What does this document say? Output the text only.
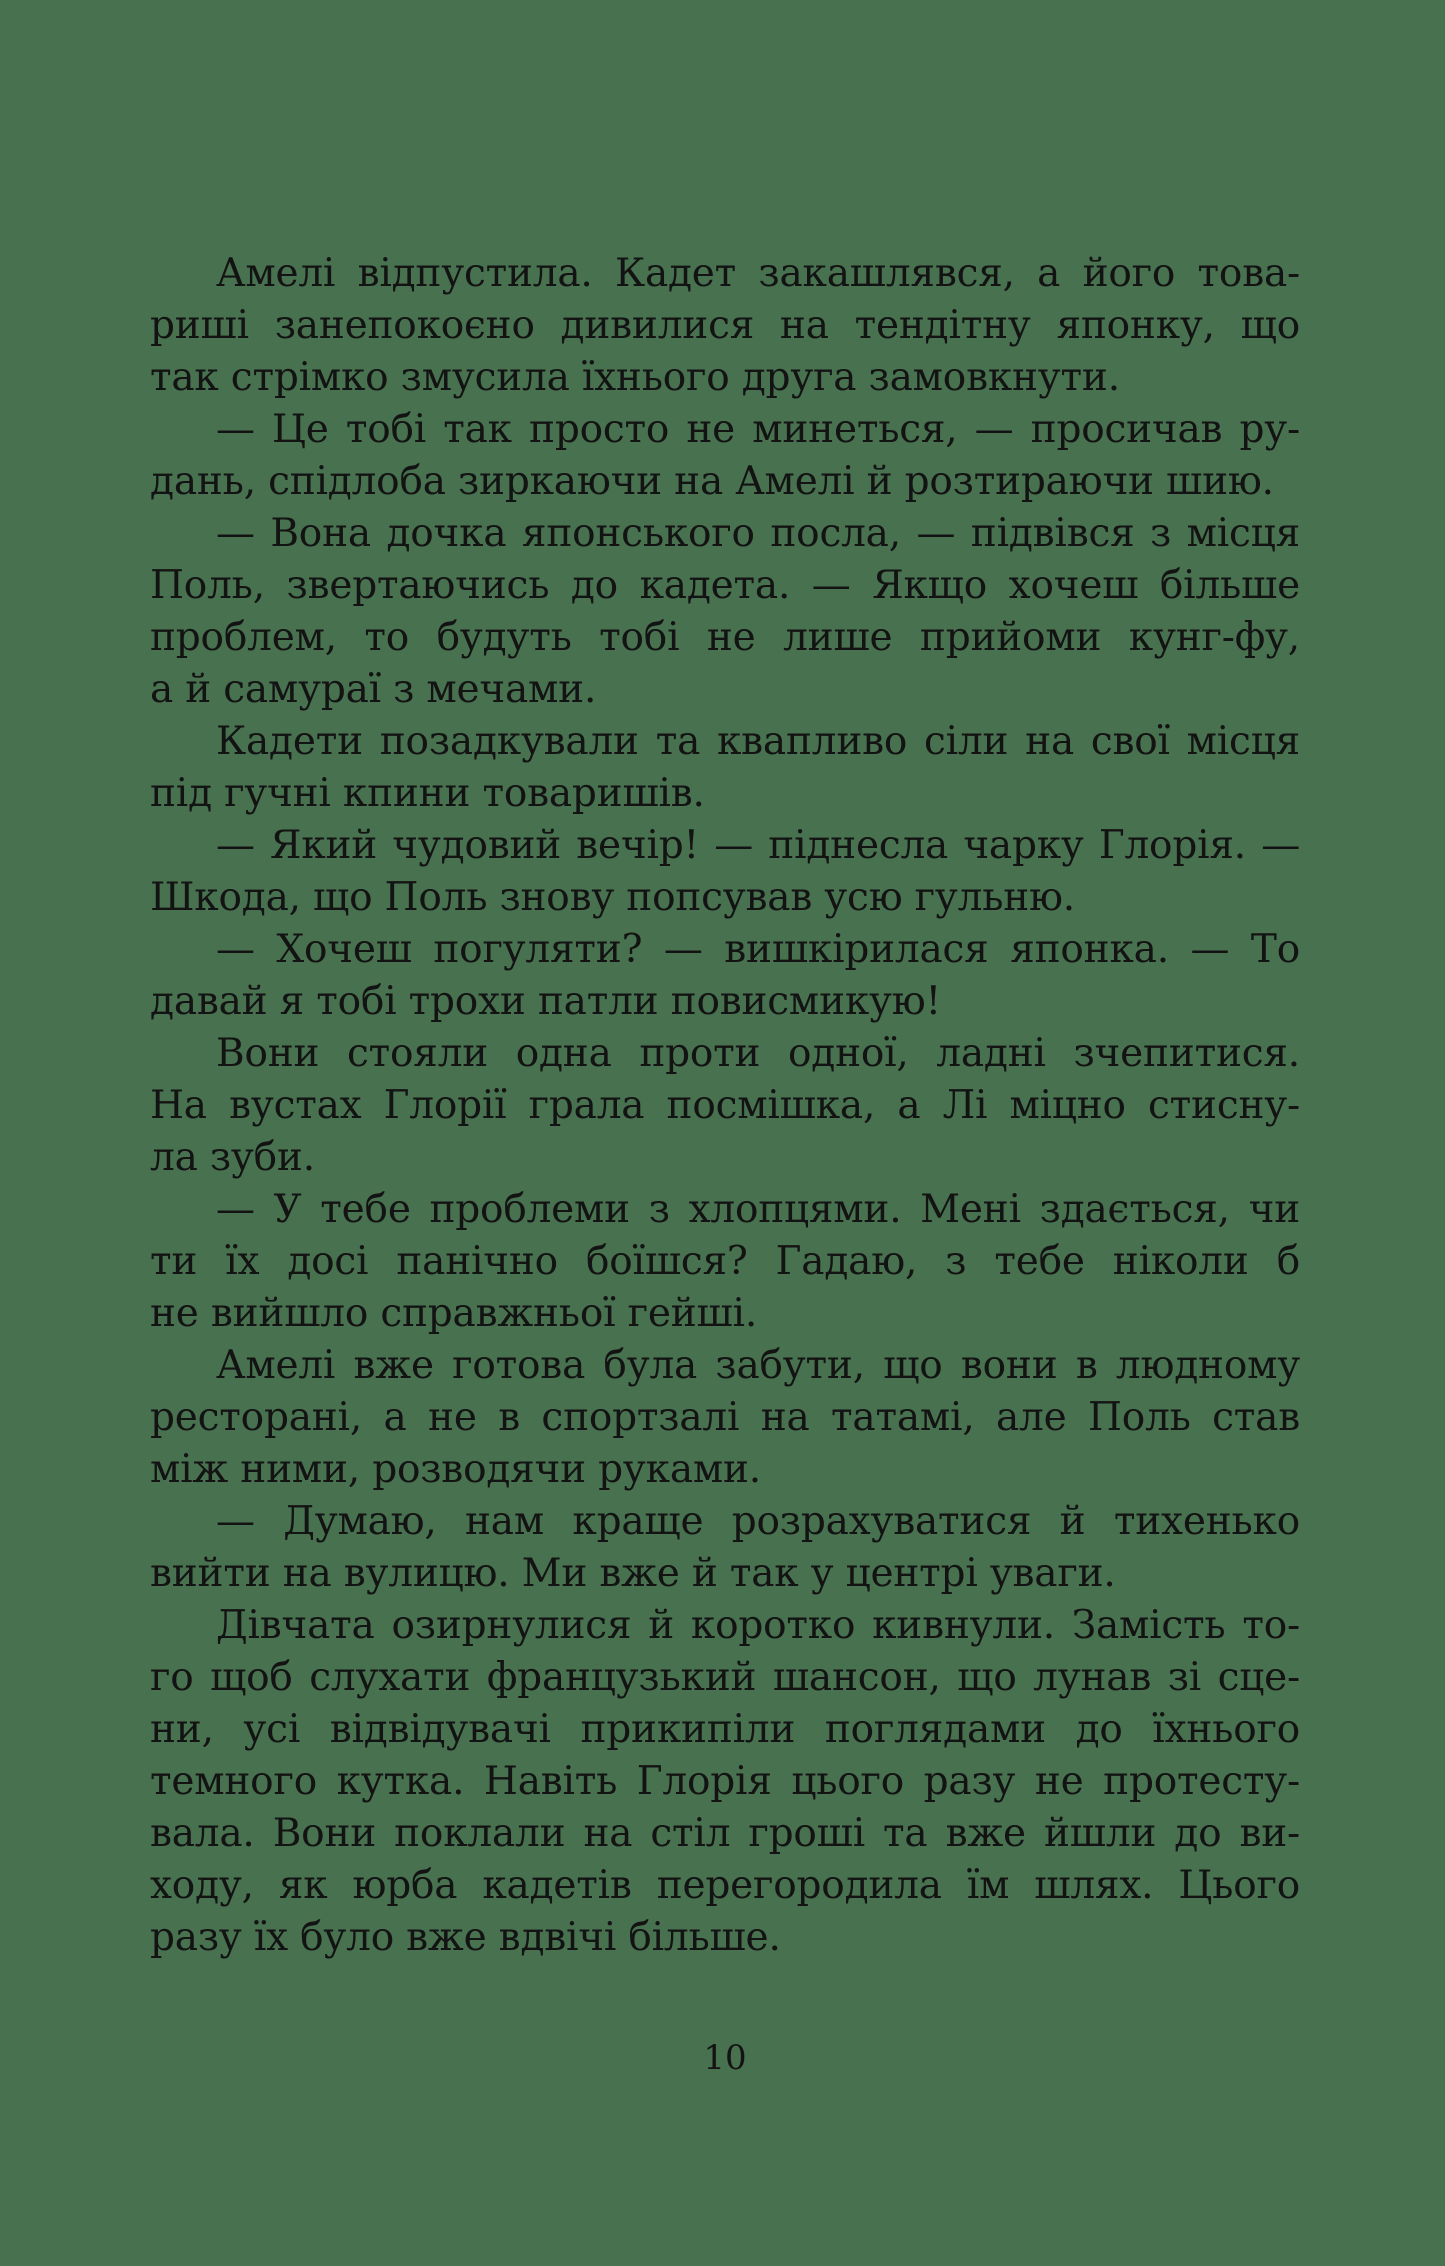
Амелі відпустила. Кадет закашлявся, а його това-
риші занепокоєно дивилися на тендітну японку, що
так стрімко змусила їхнього друга замовкнути.

— Це тобі так просто не минеться, — просичав ру-
дань, спідлоба зиркаючи на Амелі й розтираючи шию.

— Вона дочка японського посла, — підвівся з місця
Поль, звертаючись до кадета. — Якщо хочеш більше
проблем, то будуть тобі не лише прийоми кунг-фу,
а й самураї з мечами.

Кадети позадкували та квапливо сіли на свої місця
під гучні кпини товаришів.

— Який чудовий вечір! — піднесла чарку Глорія. —
Шкода, що Поль знову попсував усю гульню.

— Хочеш погуляти? — вишкірилася японка. — То
давай я тобі трохи патли повисмикую!

Вони стояли одна проти одної, ладні зчепитися.
На вустах Глорії грала посмішка, а Лі міцно стисну-
ла зуби.

— У тебе проблеми з хлопцями. Мені здається, чи
ти їх досі панічно боїшся? Гадаю, з тебе ніколи б
не вийшло справжньої гейші.

Амелі вже готова була забути, що вони в людному
ресторані, а не в спортзалі на татамі, але Поль став
між ними, розводячи руками.

— Думаю, нам краще розрахуватися й тихенько
вийти на вулицю. Ми вже й так у центрі уваги.

Дівчата озирнулися й коротко кивнули. Замість то-
го щоб слухати французький шансон, що лунав зі сце-
ни, усі відвідувачі прикипіли поглядами до їхнього
темного кутка. Навіть Глорія цього разу не протесту-
вала. Вони поклали на стіл гроші та вже йшли до ви-
ходу, як юрба кадетів перегородила їм шлях. Цього
разу їх було вже вдвічі більше.

10
